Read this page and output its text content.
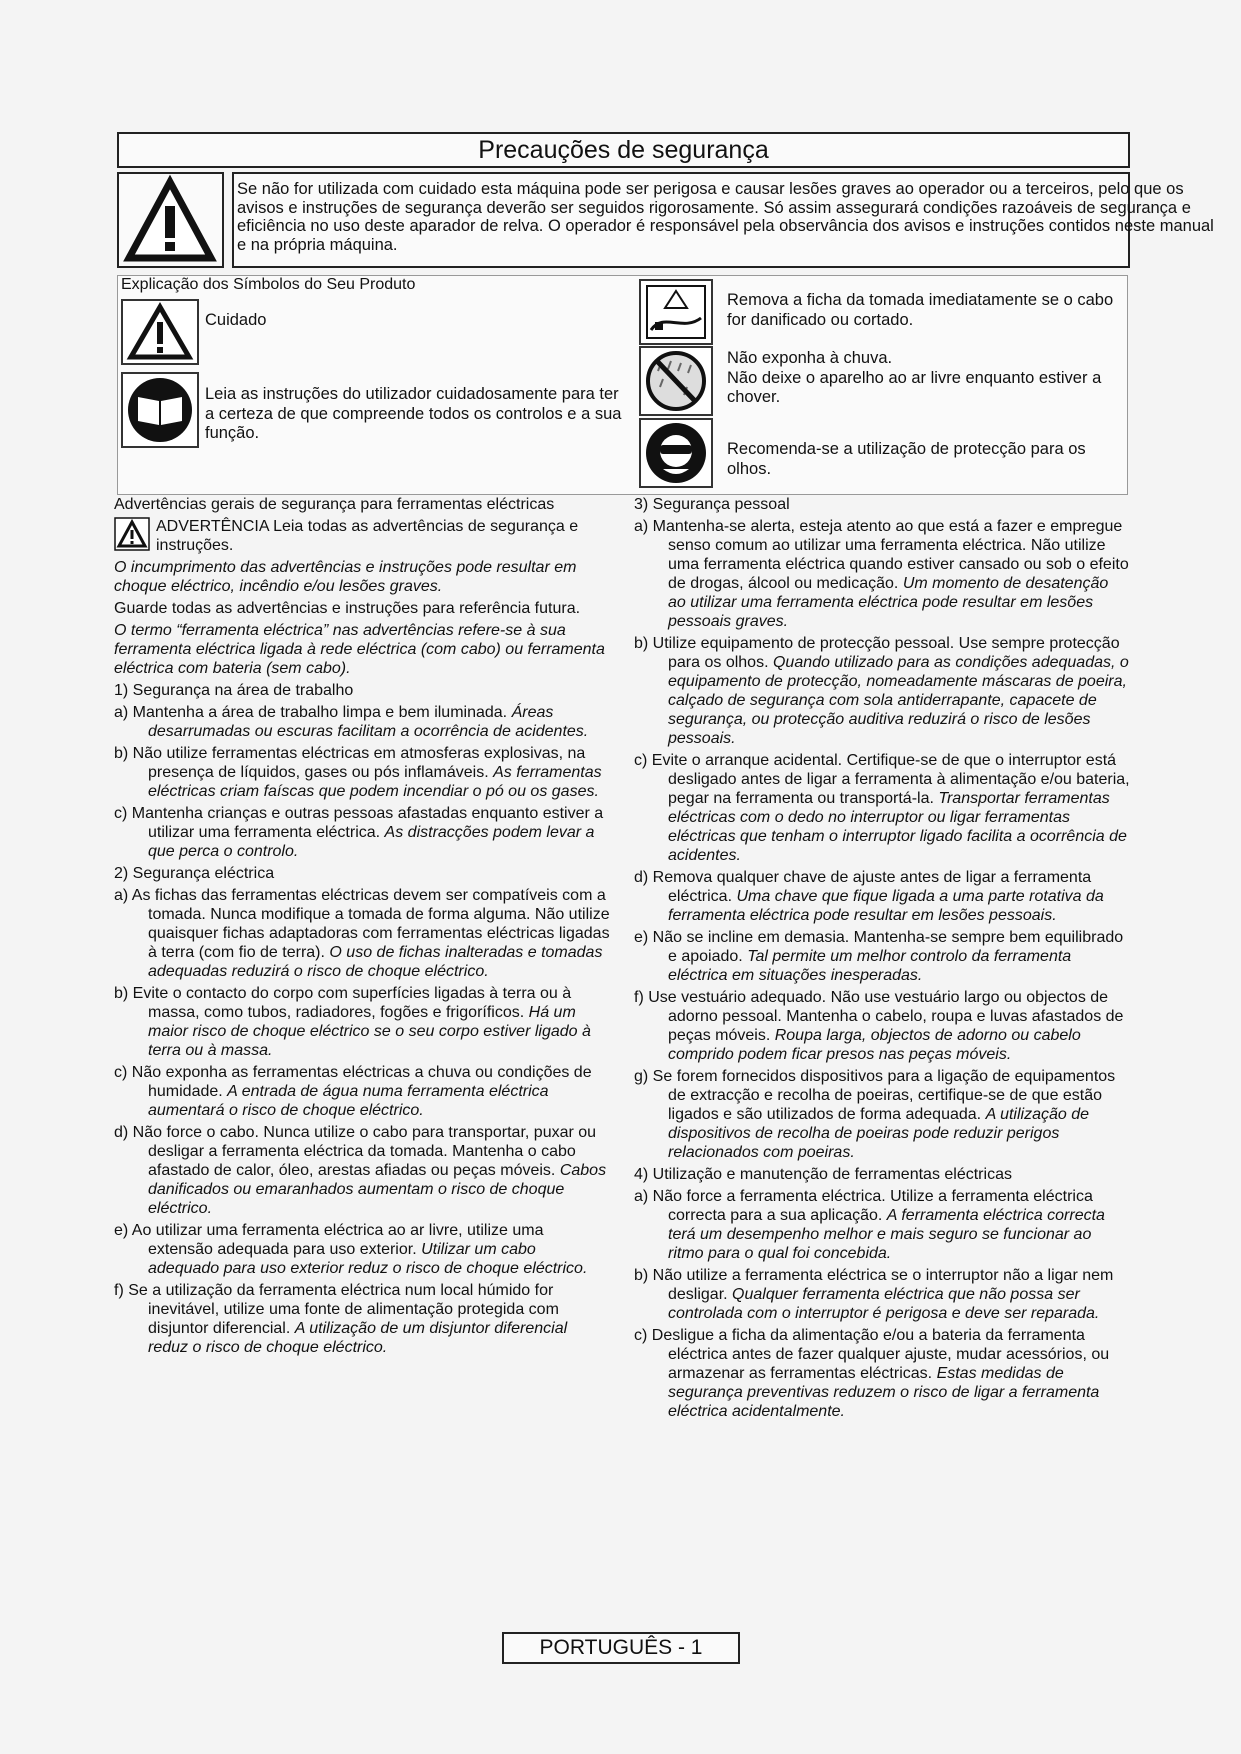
Precauções de segurança

Se não for utilizada com cuidado esta máquina pode ser perigosa e causar lesões graves ao operador ou a terceiros, pelo que os avisos e instruções de segurança deverão ser seguidos rigorosamente. Só assim assegurará condições razoáveis de segurança e eficiência no uso deste aparador de relva. O operador é responsável pela observância dos avisos e instruções contidos neste manual e na própria máquina.

Explicação dos Símbolos do Seu Produto

Cuidado

Leia as instruções do utilizador cuidadosamente para ter a certeza de que compreende todos os controlos e a sua função.

Remova a ficha da tomada imediatamente se o cabo for danificado ou cortado.

Não exponha à chuva.
Não deixe o aparelho ao ar livre enquanto estiver a chover.

Recomenda-se a utilização de protecção para os olhos.

Advertências gerais de segurança para ferramentas eléctricas

ADVERTÊNCIA Leia todas as advertências de segurança e instruções.

O incumprimento das advertências e instruções pode resultar em choque eléctrico, incêndio e/ou lesões graves.

Guarde todas as advertências e instruções para referência futura.

O termo “ferramenta eléctrica” nas advertências refere-se à sua ferramenta eléctrica ligada à rede eléctrica (com cabo) ou ferramenta eléctrica com bateria (sem cabo).

1) Segurança na área de trabalho

a) Mantenha a área de trabalho limpa e bem iluminada. Áreas desarrumadas ou escuras facilitam a ocorrência de acidentes.

b) Não utilize ferramentas eléctricas em atmosferas explosivas, na presença de líquidos, gases ou pós inflamáveis. As ferramentas eléctricas criam faíscas que podem incendiar o pó ou os gases.

c) Mantenha crianças e outras pessoas afastadas enquanto estiver a utilizar uma ferramenta eléctrica. As distracções podem levar a que perca o controlo.

2) Segurança eléctrica

a) As fichas das ferramentas eléctricas devem ser compatíveis com a tomada. Nunca modifique a tomada de forma alguma. Não utilize quaisquer fichas adaptadoras com ferramentas eléctricas ligadas à terra (com fio de terra). O uso de fichas inalteradas e tomadas adequadas reduzirá o risco de choque eléctrico.

b) Evite o contacto do corpo com superfícies ligadas à terra ou à massa, como tubos, radiadores, fogões e frigoríficos. Há um maior risco de choque eléctrico se o seu corpo estiver ligado à terra ou à massa.

c) Não exponha as ferramentas eléctricas a chuva ou condições de humidade. A entrada de água numa ferramenta eléctrica aumentará o risco de choque eléctrico.

d) Não force o cabo. Nunca utilize o cabo para transportar, puxar ou desligar a ferramenta eléctrica da tomada. Mantenha o cabo afastado de calor, óleo, arestas afiadas ou peças móveis. Cabos danificados ou emaranhados aumentam o risco de choque eléctrico.

e) Ao utilizar uma ferramenta eléctrica ao ar livre, utilize uma extensão adequada para uso exterior. Utilizar um cabo adequado para uso exterior reduz o risco de choque eléctrico.

f) Se a utilização da ferramenta eléctrica num local húmido for inevitável, utilize uma fonte de alimentação protegida com disjuntor diferencial. A utilização de um disjuntor diferencial reduz o risco de choque eléctrico.

3) Segurança pessoal

a) Mantenha-se alerta, esteja atento ao que está a fazer e empregue senso comum ao utilizar uma ferramenta eléctrica. Não utilize uma ferramenta eléctrica quando estiver cansado ou sob o efeito de drogas, álcool ou medicação. Um momento de desatenção ao utilizar uma ferramenta eléctrica pode resultar em lesões pessoais graves.

b) Utilize equipamento de protecção pessoal. Use sempre protecção para os olhos. Quando utilizado para as condições adequadas, o equipamento de protecção, nomeadamente máscaras de poeira, calçado de segurança com sola antiderrapante, capacete de segurança, ou protecção auditiva reduzirá o risco de lesões pessoais.

c) Evite o arranque acidental. Certifique-se de que o interruptor está desligado antes de ligar a ferramenta à alimentação e/ou bateria, pegar na ferramenta ou transportá-la. Transportar ferramentas eléctricas com o dedo no interruptor ou ligar ferramentas eléctricas que tenham o interruptor ligado facilita a ocorrência de acidentes.

d) Remova qualquer chave de ajuste antes de ligar a ferramenta eléctrica. Uma chave que fique ligada a uma parte rotativa da ferramenta eléctrica pode resultar em lesões pessoais.

e) Não se incline em demasia. Mantenha-se sempre bem equilibrado e apoiado. Tal permite um melhor controlo da ferramenta eléctrica em situações inesperadas.

f) Use vestuário adequado. Não use vestuário largo ou objectos de adorno pessoal. Mantenha o cabelo, roupa e luvas afastados de peças móveis. Roupa larga, objectos de adorno ou cabelo comprido podem ficar presos nas peças móveis.

g) Se forem fornecidos dispositivos para a ligação de equipamentos de extracção e recolha de poeiras, certifique-se de que estão ligados e são utilizados de forma adequada. A utilização de dispositivos de recolha de poeiras pode reduzir perigos relacionados com poeiras.

4) Utilização e manutenção de ferramentas eléctricas

a) Não force a ferramenta eléctrica. Utilize a ferramenta eléctrica correcta para a sua aplicação. A ferramenta eléctrica correcta terá um desempenho melhor e mais seguro se funcionar ao ritmo para o qual foi concebida.

b) Não utilize a ferramenta eléctrica se o interruptor não a ligar nem desligar. Qualquer ferramenta eléctrica que não possa ser controlada com o interruptor é perigosa e deve ser reparada.

c) Desligue a ficha da alimentação e/ou a bateria da ferramenta eléctrica antes de fazer qualquer ajuste, mudar acessórios, ou armazenar as ferramentas eléctricas. Estas medidas de segurança preventivas reduzem o risco de ligar a ferramenta eléctrica acidentalmente.

PORTUGUÊS - 1
